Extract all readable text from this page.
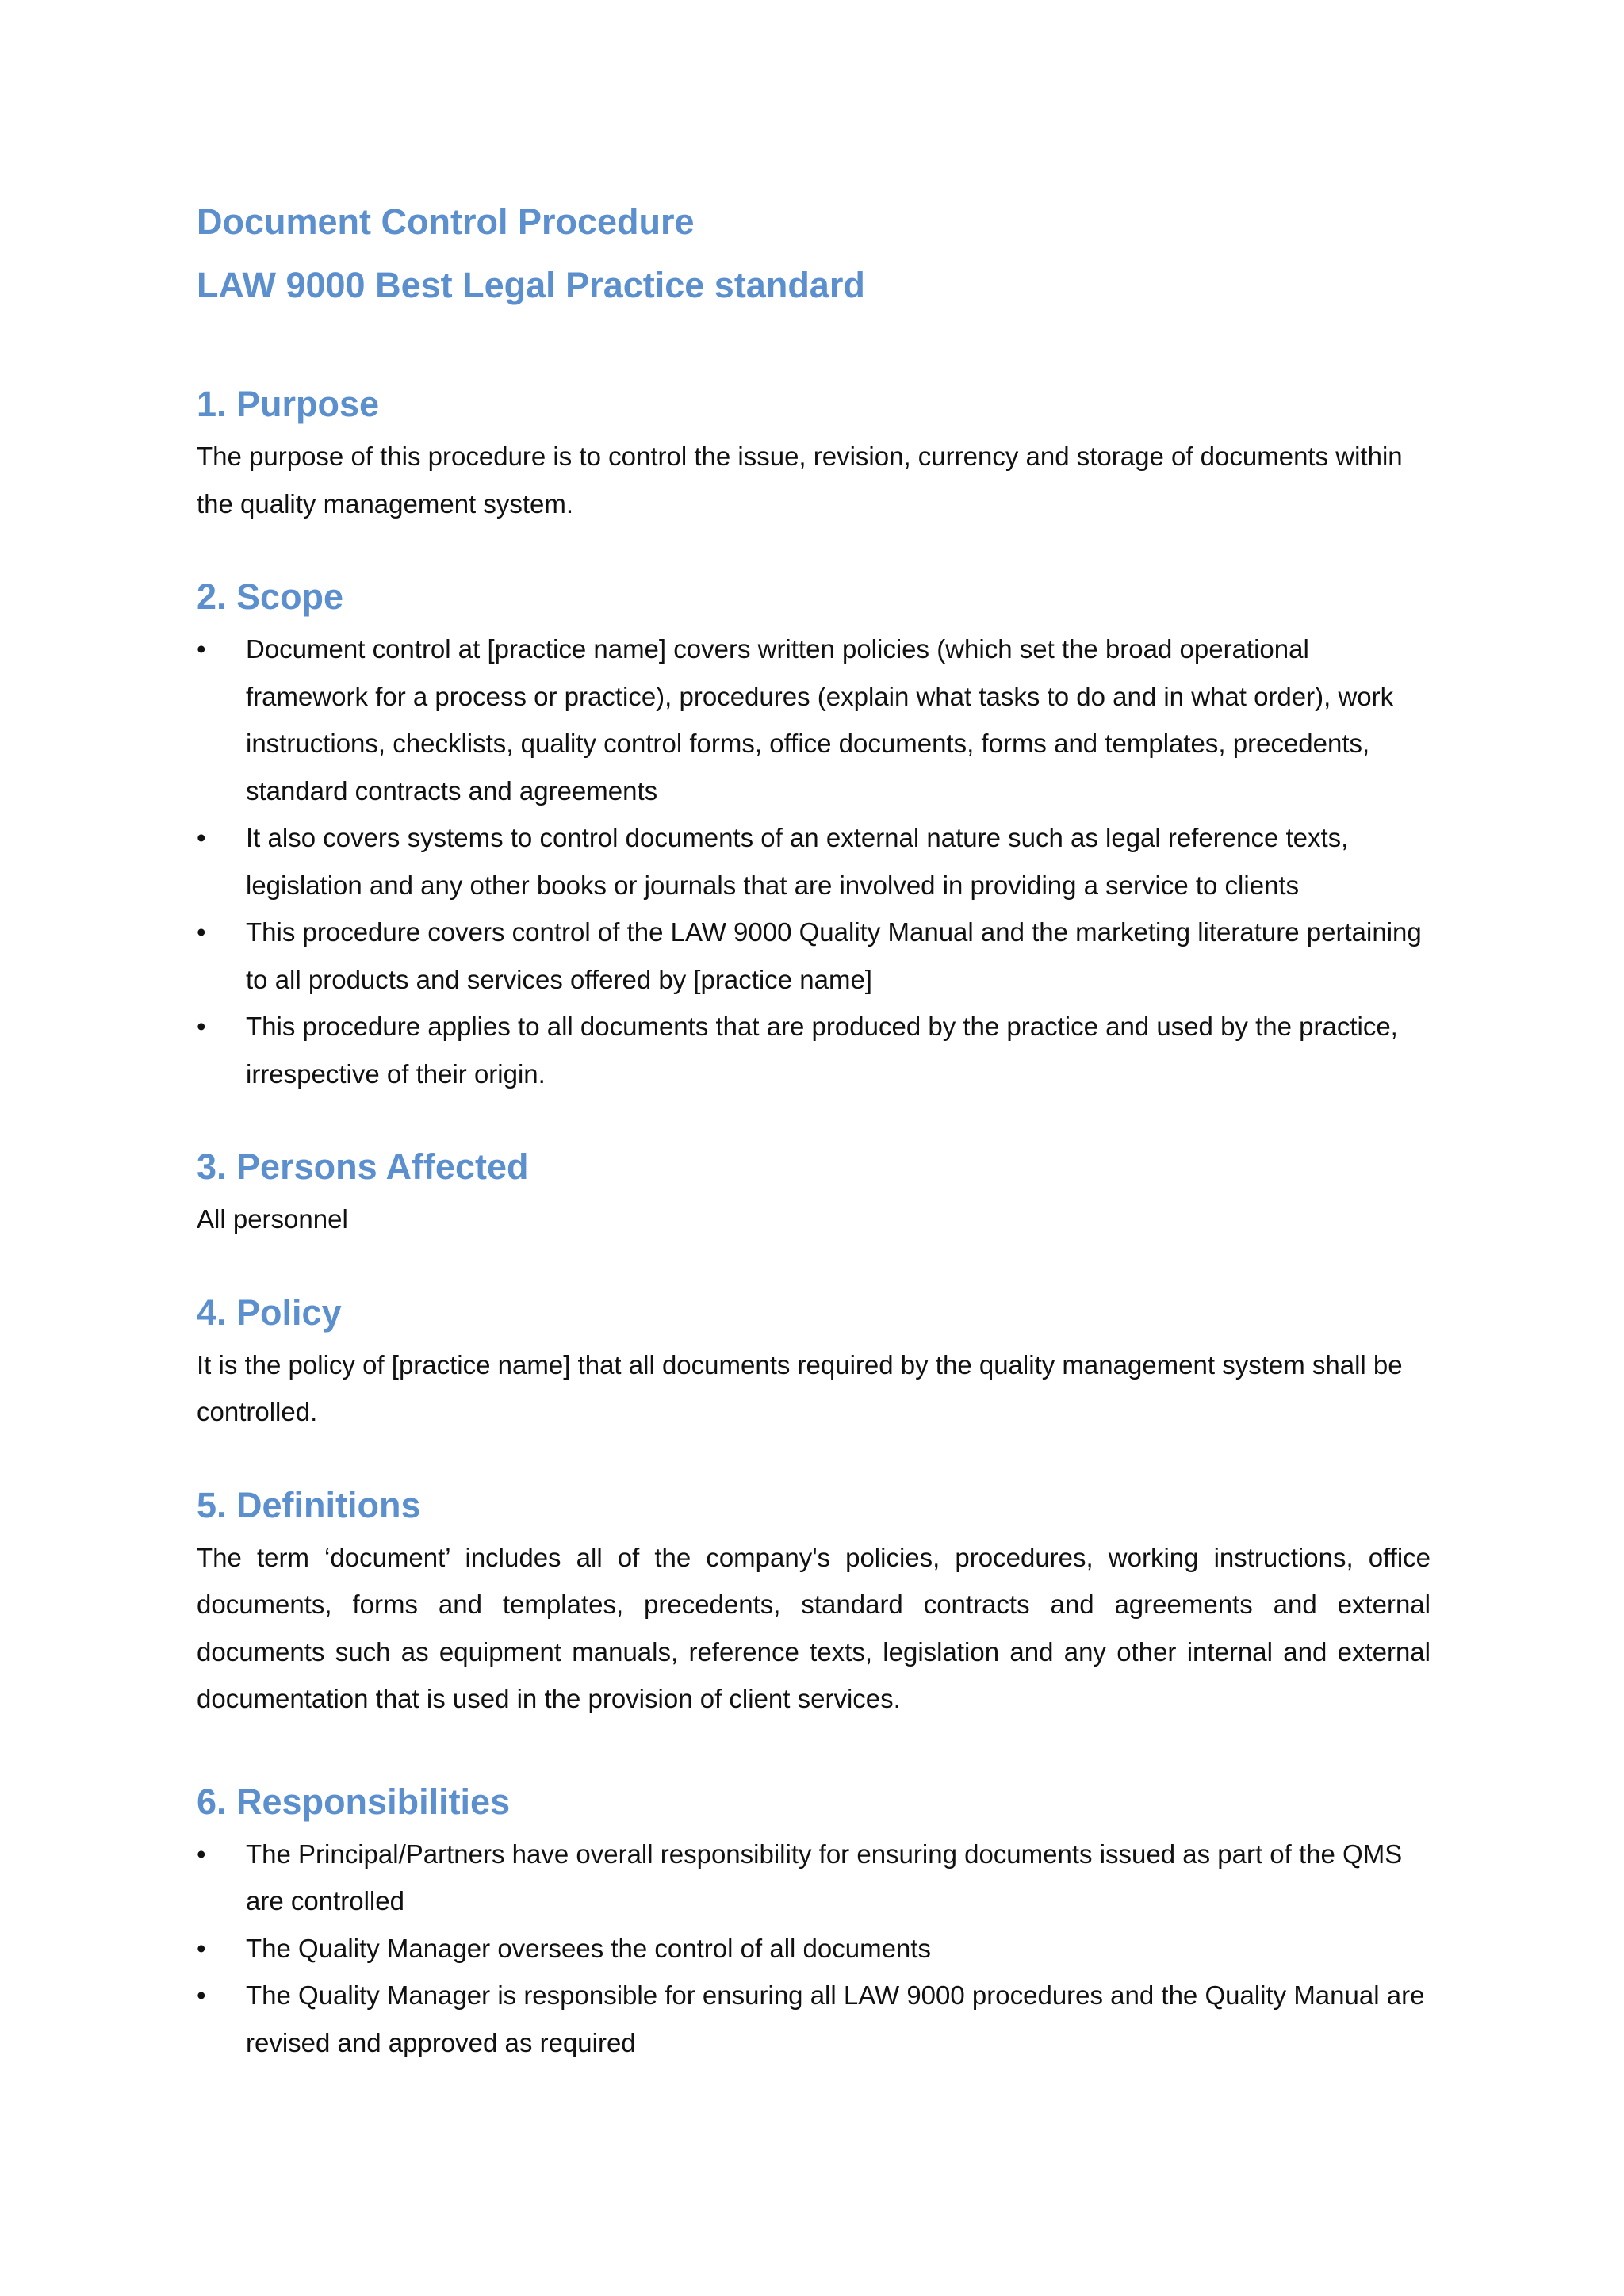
Document Control Procedure
LAW 9000 Best Legal Practice standard
1. Purpose

The purpose of this procedure is to control the issue, revision, currency and storage of documents within the quality management system.

2. Scope
•	Document control at [practice name] covers written policies (which set the broad operational framework for a process or practice), procedures (explain what tasks to do and in what order), work instructions, checklists, quality control forms, office documents, forms and templates, precedents, standard contracts and agreements
•	It also covers systems to control documents of an external nature such as legal reference texts, legislation and any other books or journals that are involved in providing a service to clients
•	This procedure covers control of the LAW 9000 Quality Manual and the marketing literature pertaining to all products and services offered by [practice name]
•	This procedure applies to all documents that are produced by the practice and used by the practice, irrespective of their origin.
3. Persons Affected

All personnel

4. Policy

It is the policy of [practice name] that all documents required by the quality management system shall be controlled.

5. Definitions

The term ‘document’ includes all of the company's policies, procedures, working instructions, office documents, forms and templates, precedents, standard contracts and agreements and external documents such as equipment manuals, reference texts, legislation and any other internal and external documentation that is used in the provision of client services.

6. Responsibilities
•	The Principal/Partners have overall responsibility for ensuring documents issued as part of the QMS are controlled
•	The Quality Manager oversees the control of all documents
•	The Quality Manager is responsible for ensuring all LAW 9000 procedures and the Quality Manual are revised and approved as required
